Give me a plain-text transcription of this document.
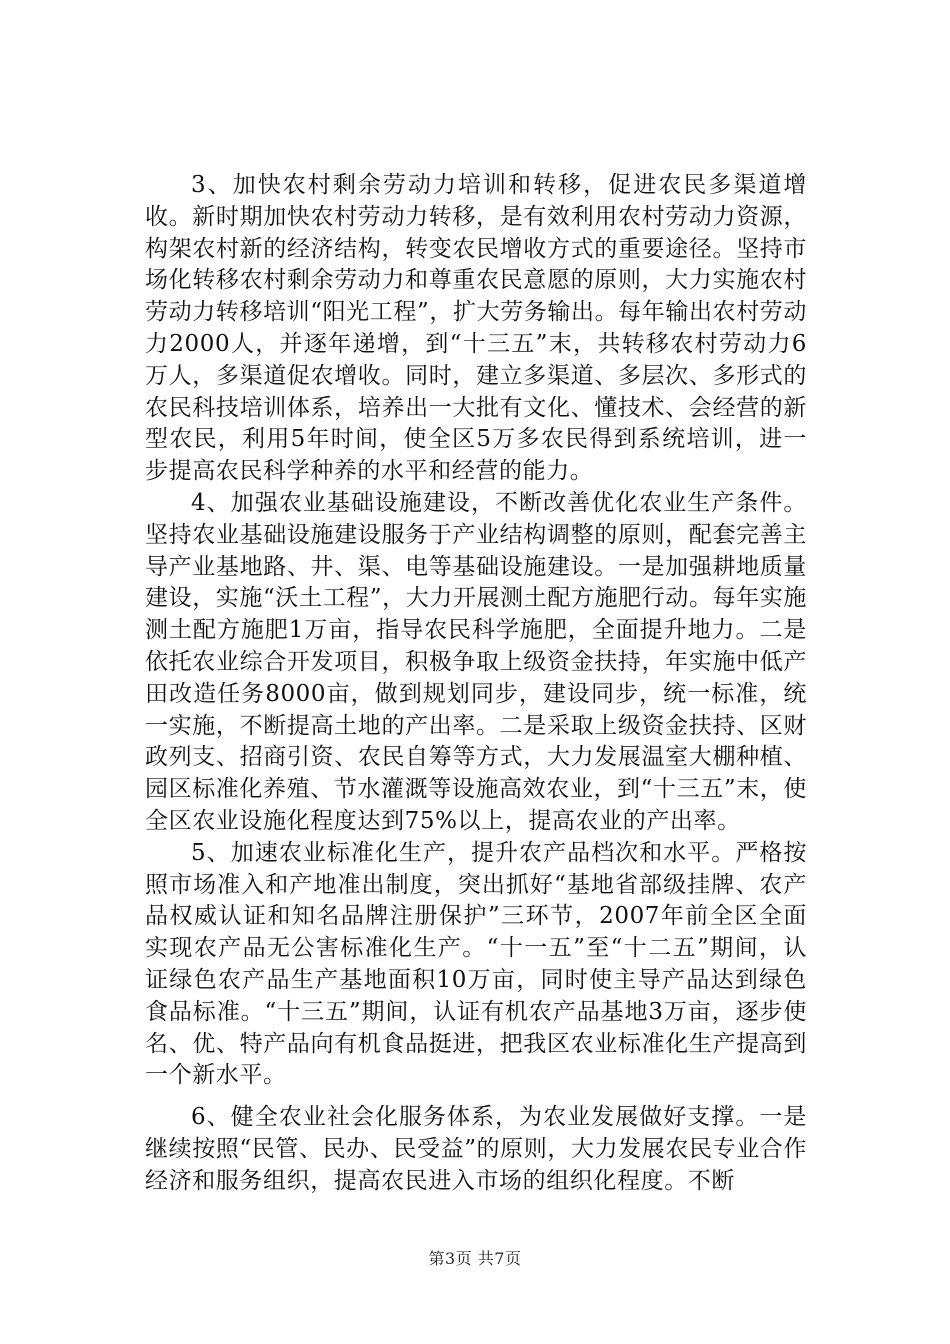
3、加快农村剩余劳动力培训和转移，促进农民多渠道增收。新时期加快农村劳动力转移，是有效利用农村劳动力资源，构架农村新的经济结构，转变农民增收方式的重要途径。坚持市场化转移农村剩余劳动力和尊重农民意愿的原则，大力实施农村劳动力转移培训“阳光工程”，扩大劳务输出。每年输出农村劳动力2000人，并逐年递增，到“十三五”末，共转移农村劳动力6万人，多渠道促农增收。同时，建立多渠道、多层次、多形式的农民科技培训体系，培养出一大批有文化、懂技术、会经营的新型农民，利用5年时间，使全区5万多农民得到系统培训，进一步提高农民科学种养的水平和经营的能力。

4、加强农业基础设施建设，不断改善优化农业生产条件。坚持农业基础设施建设服务于产业结构调整的原则，配套完善主导产业基地路、井、渠、电等基础设施建设。一是加强耕地质量建设，实施“沃土工程”，大力开展测土配方施肥行动。每年实施测土配方施肥1万亩，指导农民科学施肥，全面提升地力。二是依托农业综合开发项目，积极争取上级资金扶持，年实施中低产田改造任务8000亩，做到规划同步，建设同步，统一标准，统一实施，不断提高土地的产出率。二是采取上级资金扶持、区财政列支、招商引资、农民自筹等方式，大力发展温室大棚种植、园区标准化养殖、节水灌溉等设施高效农业，到“十三五”末，使全区农业设施化程度达到75%以上，提高农业的产出率。

5、加速农业标准化生产，提升农产品档次和水平。严格按照市场准入和产地准出制度，突出抓好“基地省部级挂牌、农产品权威认证和知名品牌注册保护”三环节，2007年前全区全面实现农产品无公害标准化生产。“十一五”至“十二五”期间，认证绿色农产品生产基地面积10万亩，同时使主导产品达到绿色食品标准。“十三五”期间，认证有机农产品基地3万亩，逐步使名、优、特产品向有机食品挺进，把我区农业标准化生产提高到一个新水平。

6、健全农业社会化服务体系，为农业发展做好支撑。一是继续按照“民管、民办、民受益”的原则，大力发展农民专业合作经济和服务组织，提高农民进入市场的组织化程度。不断

第3页 共7页
